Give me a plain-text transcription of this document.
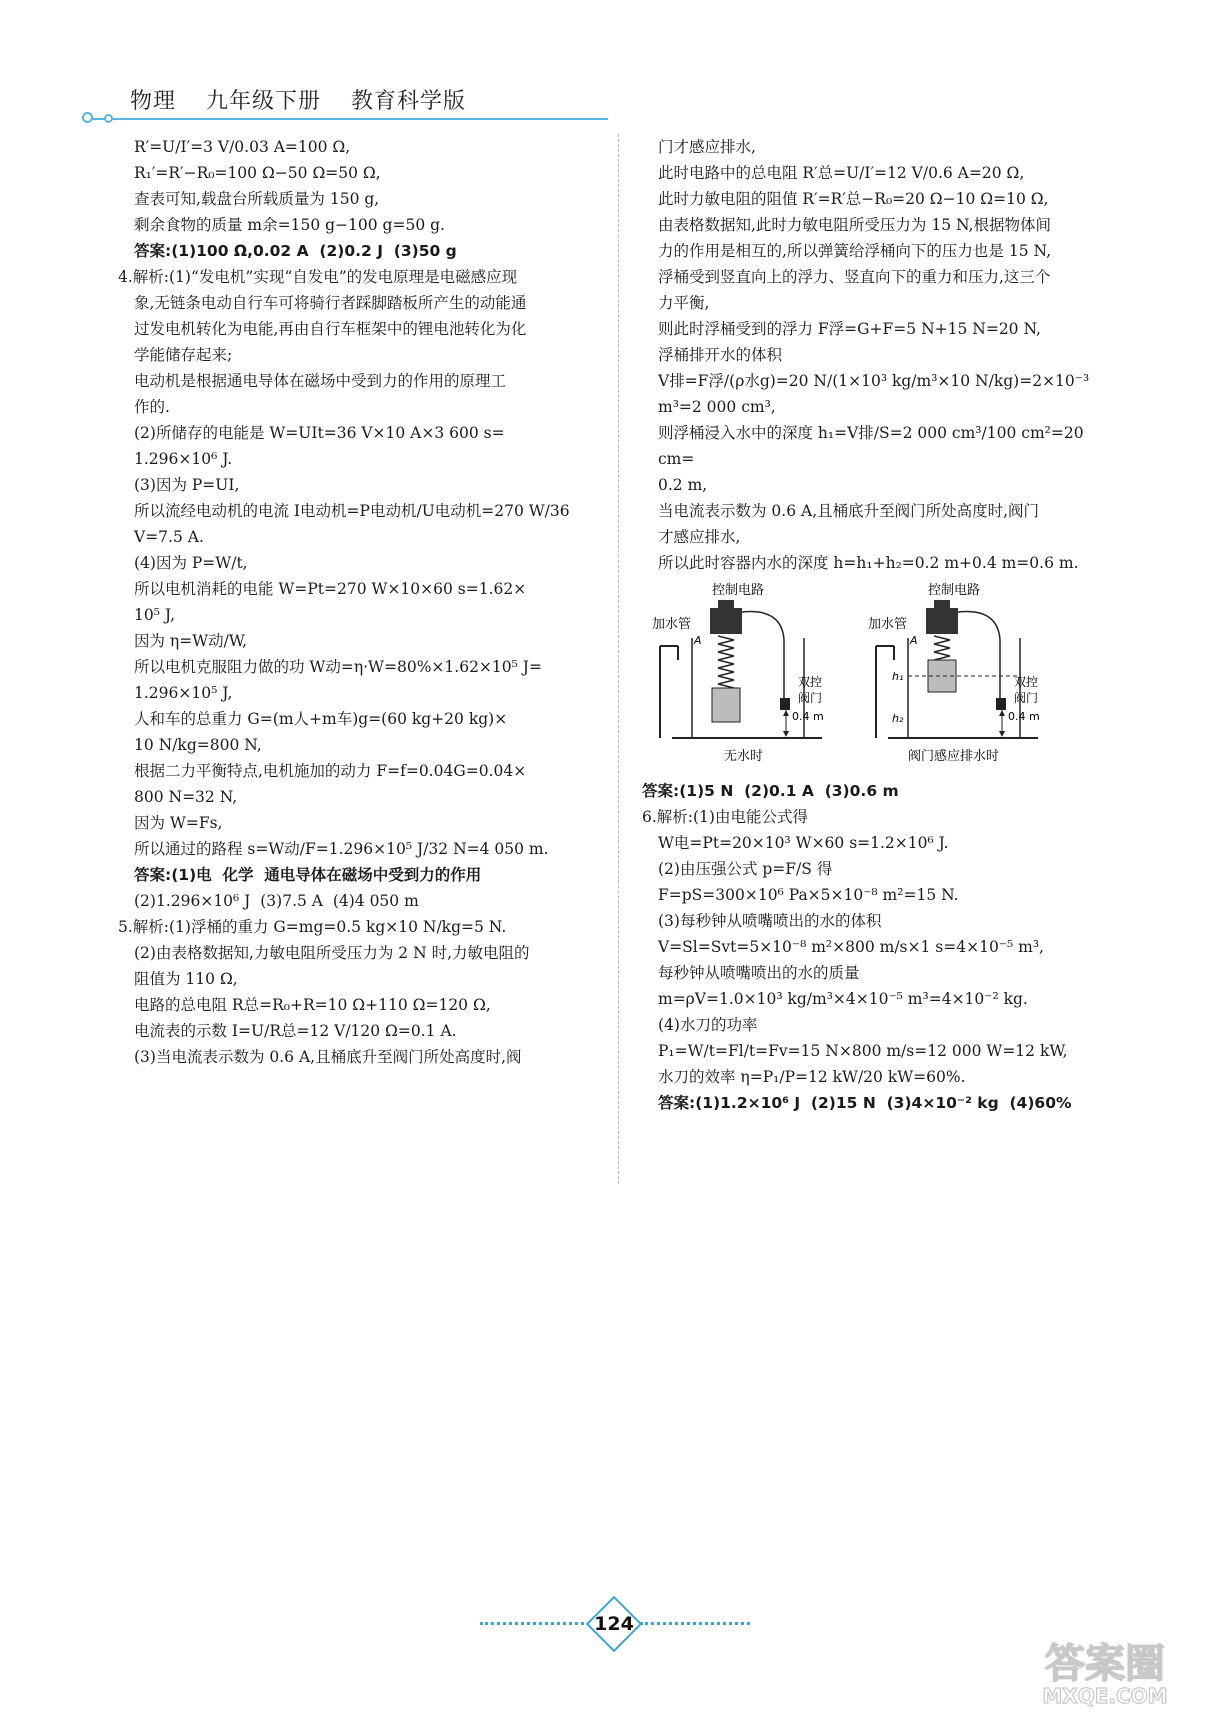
物理 九年级下册 教育科学版
R′=U/I′=3 V/0.03 A=100 Ω,
R₁′=R′−R₀=100 Ω−50 Ω=50 Ω,
查表可知,载盘台所载质量为 150 g,
剩余食物的质量 m余=150 g−100 g=50 g.
答案:(1)100 Ω,0.02 A  (2)0.2 J  (3)50 g
4.解析:(1)“发电机”实现“自发电”的发电原理是电磁感应现
象,无链条电动自行车可将骑行者踩脚踏板所产生的动能通
过发电机转化为电能,再由自行车框架中的锂电池转化为化
学能储存起来;
电动机是根据通电导体在磁场中受到力的作用的原理工
作的.
(2)所储存的电能是 W=UIt=36 V×10 A×3 600 s=
1.296×10⁶ J.
(3)因为 P=UI,
所以流经电动机的电流 I电动机=P电动机/U电动机=270 W/36 V=7.5 A.
(4)因为 P=W/t,
所以电机消耗的电能 W=Pt=270 W×10×60 s=1.62×
10⁵ J,
因为 η=W动/W,
所以电机克服阻力做的功 W动=η·W=80%×1.62×10⁵ J=
1.296×10⁵ J,
人和车的总重力 G=(m人+m车)g=(60 kg+20 kg)×
10 N/kg=800 N,
根据二力平衡特点,电机施加的动力 F=f=0.04G=0.04×
800 N=32 N,
因为 W=Fs,
所以通过的路程 s=W动/F=1.296×10⁵ J/32 N=4 050 m.
答案:(1)电  化学  通电导体在磁场中受到力的作用
(2)1.296×10⁶ J  (3)7.5 A  (4)4 050 m
5.解析:(1)浮桶的重力 G=mg=0.5 kg×10 N/kg=5 N.
(2)由表格数据知,力敏电阻所受压力为 2 N 时,力敏电阻的
阻值为 110 Ω,
电路的总电阻 R总=R₀+R=10 Ω+110 Ω=120 Ω,
电流表的示数 I=U/R总=12 V/120 Ω=0.1 A.
(3)当电流表示数为 0.6 A,且桶底升至阀门所处高度时,阀
门才感应排水,
此时电路中的总电阻 R′总=U/I′=12 V/0.6 A=20 Ω,
此时力敏电阻的阻值 R′=R′总−R₀=20 Ω−10 Ω=10 Ω,
由表格数据知,此时力敏电阻所受压力为 15 N,根据物体间
力的作用是相互的,所以弹簧给浮桶向下的压力也是 15 N,
浮桶受到竖直向上的浮力、竖直向下的重力和压力,这三个
力平衡,
则此时浮桶受到的浮力 F浮=G+F=5 N+15 N=20 N,
浮桶排开水的体积
V排=F浮/(ρ水g)=20 N/(1×10³ kg/m³×10 N/kg)=2×10⁻³ m³=2 000 cm³,
则浮桶浸入水中的深度 h₁=V排/S=2 000 cm³/100 cm²=20 cm=
0.2 m,
当电流表示数为 0.6 A,且桶底升至阀门所处高度时,阀门
才感应排水,
所以此时容器内水的深度 h=h₁+h₂=0.2 m+0.4 m=0.6 m.
控制电路
加水管
A
双控
阀门
0.4 m
无水时
控制电路
加水管
A
h₁
h₂
双控
阀门
0.4 m
阀门感应排水时
答案:(1)5 N  (2)0.1 A  (3)0.6 m
6.解析:(1)由电能公式得
W电=Pt=20×10³ W×60 s=1.2×10⁶ J.
(2)由压强公式 p=F/S 得
F=pS=300×10⁶ Pa×5×10⁻⁸ m²=15 N.
(3)每秒钟从喷嘴喷出的水的体积
V=Sl=Svt=5×10⁻⁸ m²×800 m/s×1 s=4×10⁻⁵ m³,
每秒钟从喷嘴喷出的水的质量
m=ρV=1.0×10³ kg/m³×4×10⁻⁵ m³=4×10⁻² kg.
(4)水刀的功率
P₁=W/t=Fl/t=Fv=15 N×800 m/s=12 000 W=12 kW,
水刀的效率 η=P₁/P=12 kW/20 kW=60%.
答案:(1)1.2×10⁶ J  (2)15 N  (3)4×10⁻² kg  (4)60%
124
答案圈
MXQE.COM
